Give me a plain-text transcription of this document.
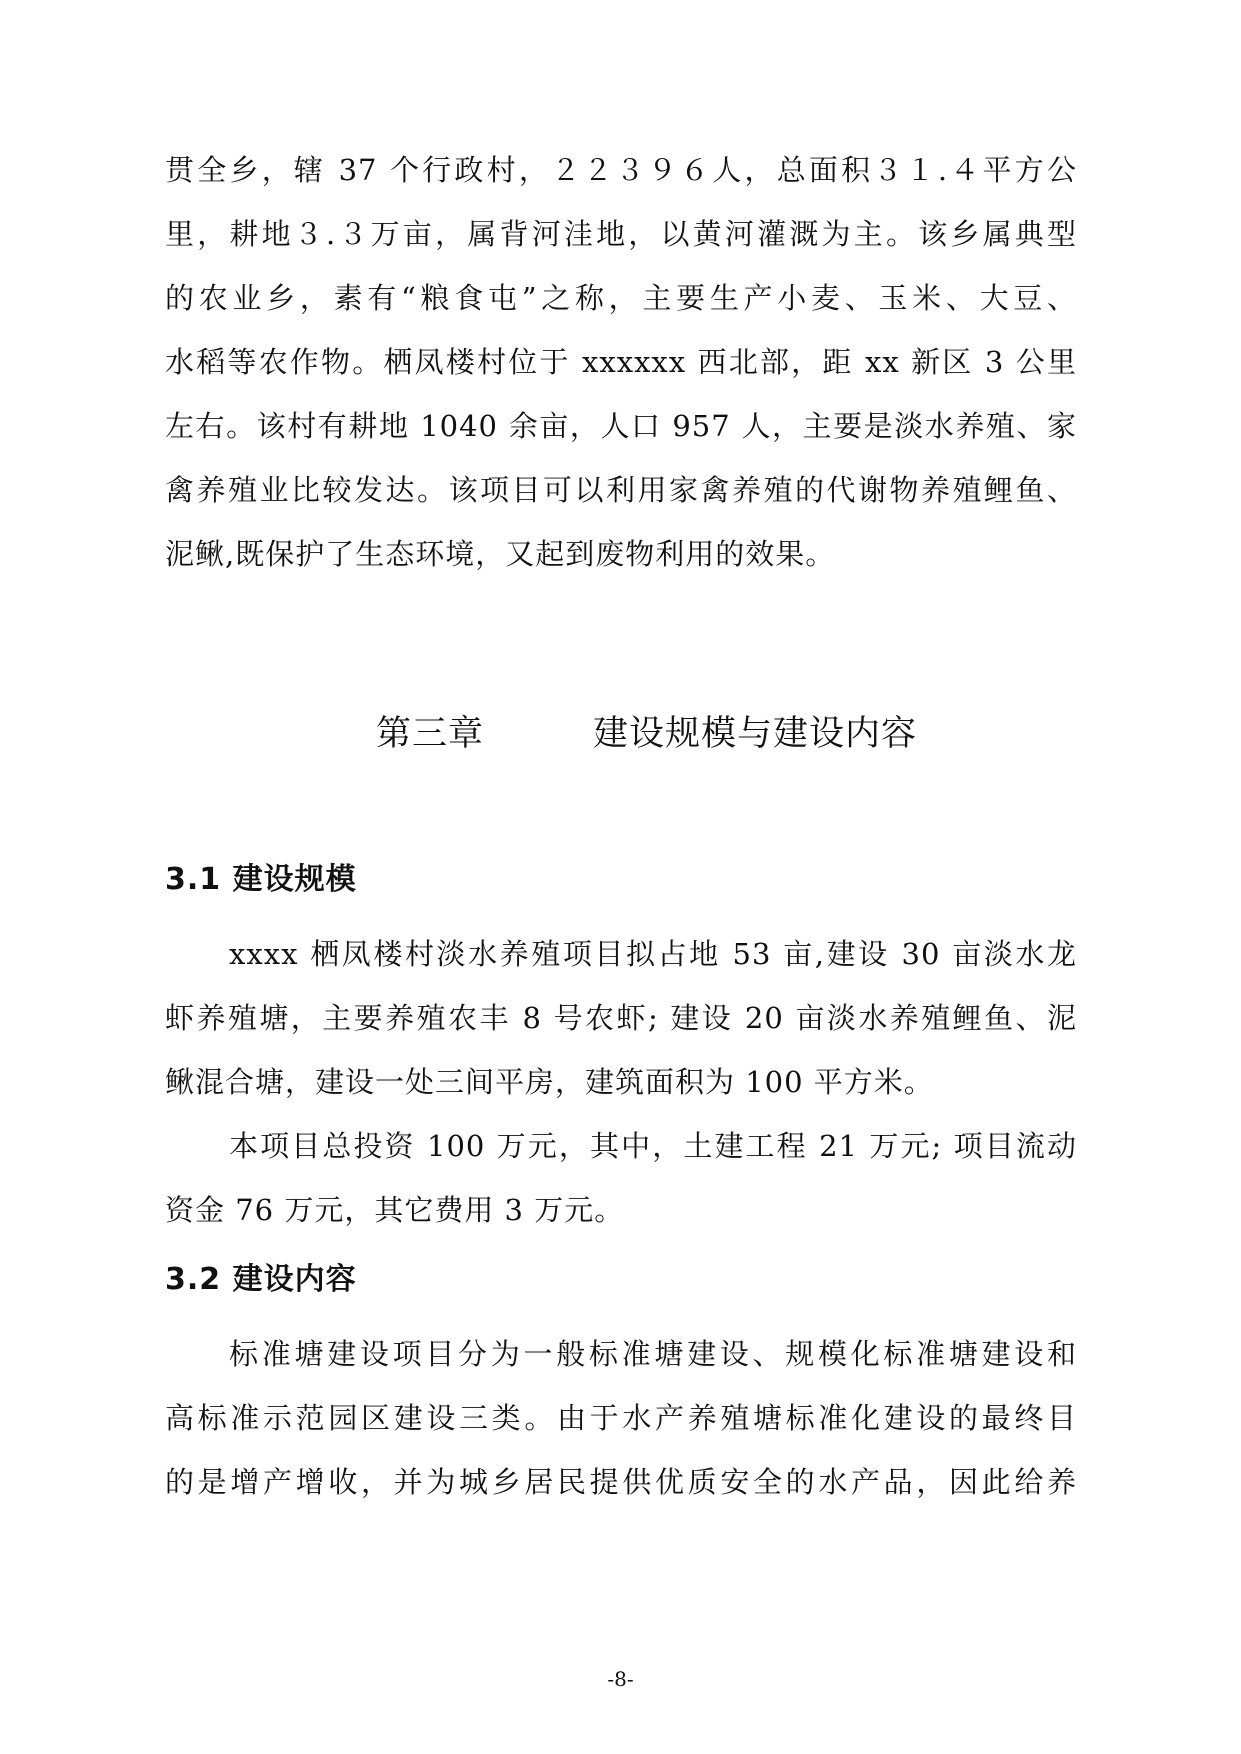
贯全乡，辖 37 个行政村，２２３９６人，总面积３１.４平方公
里，耕地３.３万亩，属背河洼地，以黄河灌溉为主。该乡属典型
的农业乡，素有“粮食屯”之称，主要生产小麦、玉米、大豆、
水稻等农作物。栖凤楼村位于 xxxxxx 西北部，距 xx 新区 3 公里
左右。该村有耕地 1040 余亩，人口 957 人，主要是淡水养殖、家
禽养殖业比较发达。该项目可以利用家禽养殖的代谢物养殖鲤鱼、
泥鳅,既保护了生态环境，又起到废物利用的效果。
第三章	建设规模与建设内容
3.1 建设规模
xxxx 栖凤楼村淡水养殖项目拟占地 53 亩,建设 30 亩淡水龙
虾养殖塘，主要养殖农丰 8 号农虾; 建设 20 亩淡水养殖鲤鱼、泥
鳅混合塘，建设一处三间平房，建筑面积为 100 平方米。
本项目总投资 100 万元，其中，土建工程 21 万元; 项目流动
资金 76 万元，其它费用 3 万元。
3.2 建设内容
标准塘建设项目分为一般标准塘建设、规模化标准塘建设和
高标准示范园区建设三类。由于水产养殖塘标准化建设的最终目
的是增产增收，并为城乡居民提供优质安全的水产品，因此给养
-8-
